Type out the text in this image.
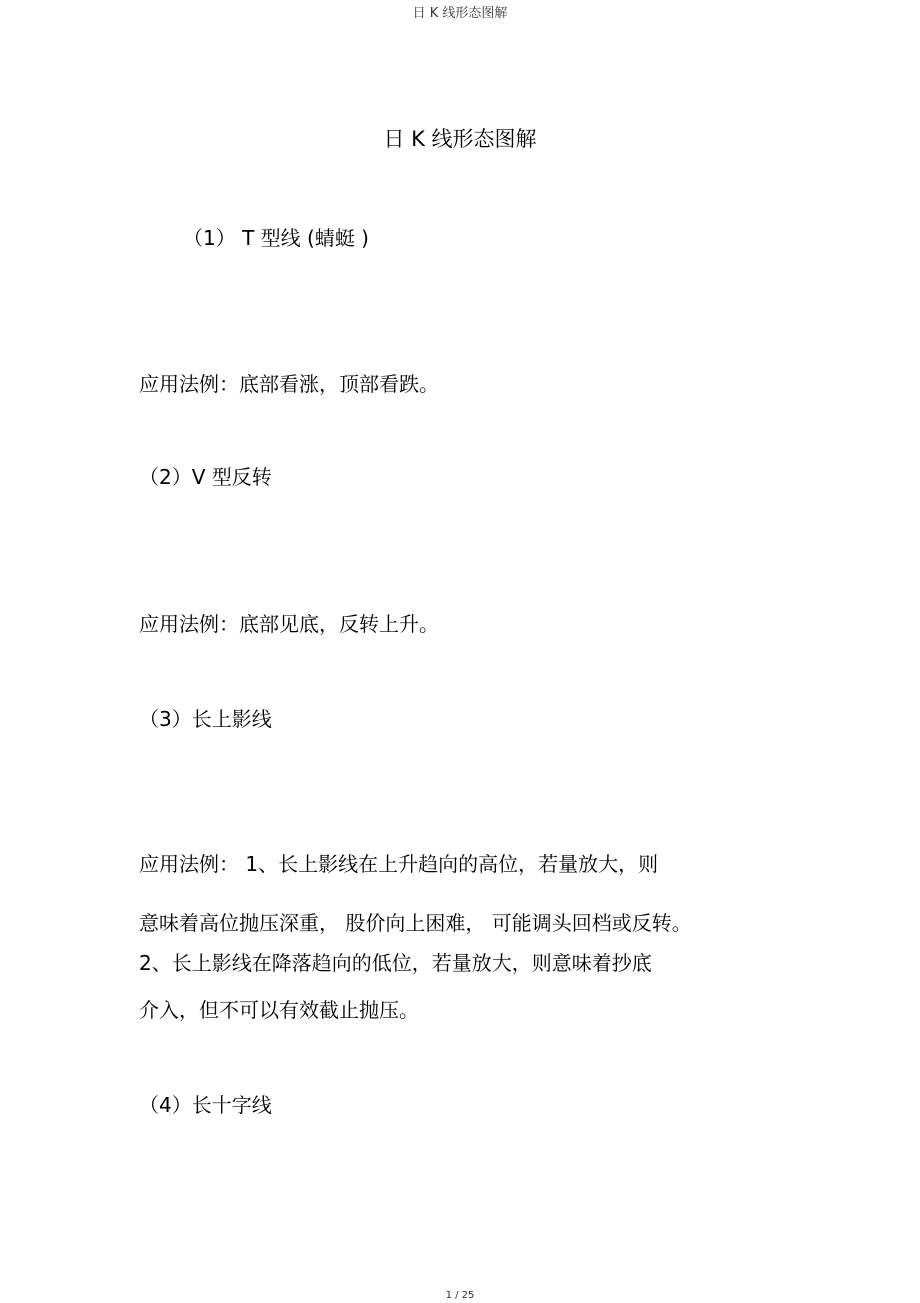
日 K 线形态图解
日 K 线形态图解
（1） T 型线 (蜻蜓 )
应用法例：底部看涨，顶部看跌。
（2）V 型反转
应用法例：底部见底，反转上升。
（3）长上影线
应用法例： 1、长上影线在上升趋向的高位，若量放大，则
意味着高位抛压深重， 股价向上困难， 可能调头回档或反转。
2、长上影线在降落趋向的低位，若量放大，则意味着抄底
介入，但不可以有效截止抛压。
（4）长十字线
1 / 25
